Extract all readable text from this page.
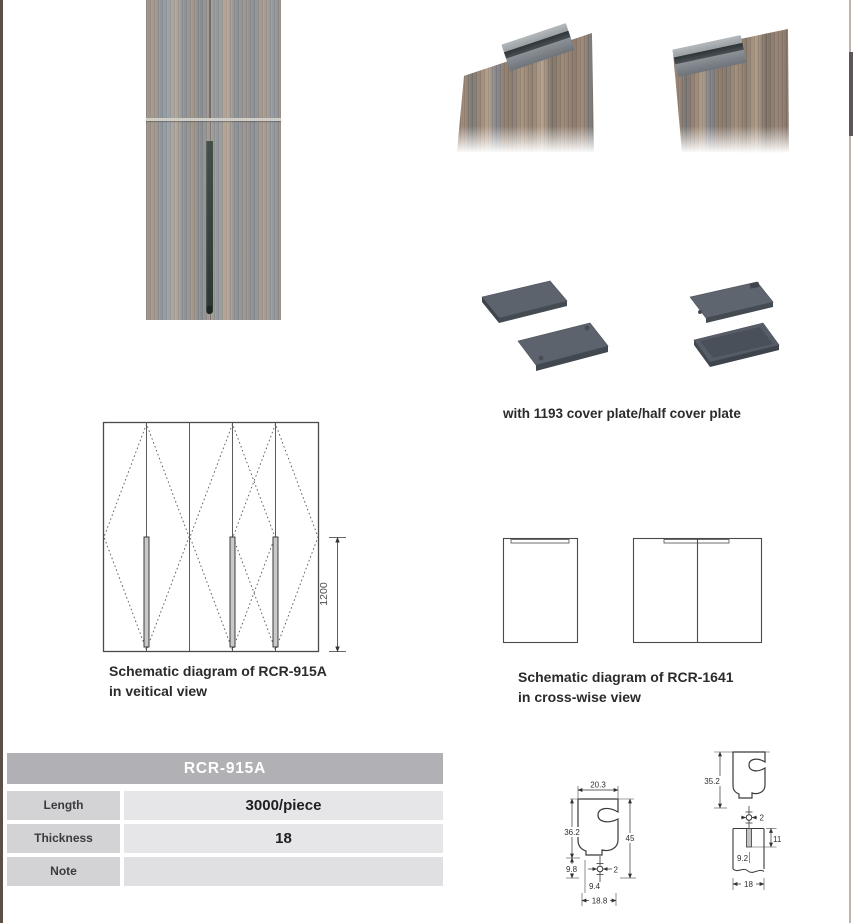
with 1193 cover plate/half cover plate
1200
Schematic diagram of RCR-915A
in veitical view
Schematic diagram of RCR-1641
in cross-wise view
RCR-915A
Length	3000/piece
Thickness	18
Note
20.3
36.2
45
9.8	2
9.4
18.8
35.2
2
11
9.2
18
